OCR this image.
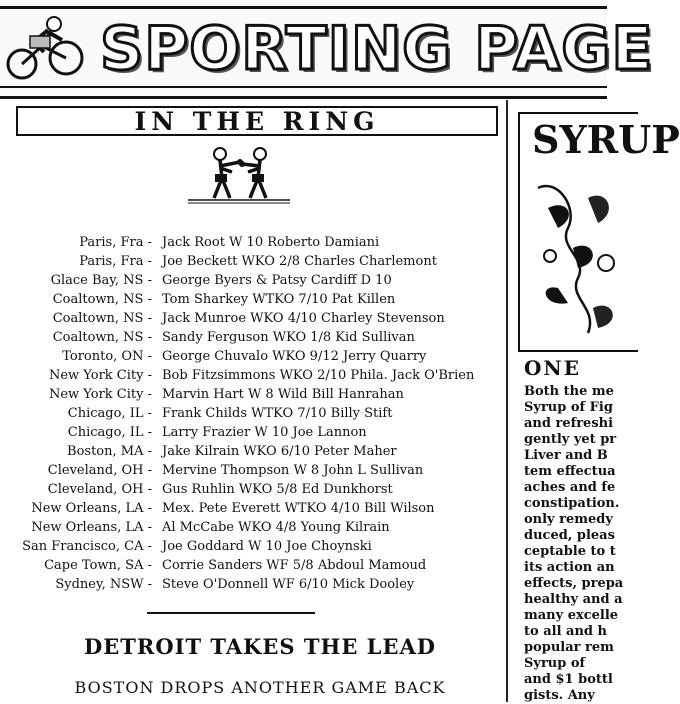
SPORTING PAGE
IN THE RING
Paris, Fra - Jack Root W 10 Roberto Damiani
Paris, Fra - Joe Beckett WKO 2/8 Charles Charlemont
Glace Bay, NS - George Byers & Patsy Cardiff D 10
Coaltown, NS - Tom Sharkey WTKO 7/10 Pat Killen
Coaltown, NS - Jack Munroe WKO 4/10 Charley Stevenson
Coaltown, NS - Sandy Ferguson WKO 1/8 Kid Sullivan
Toronto, ON - George Chuvalo WKO 9/12 Jerry Quarry
New York City - Bob Fitzsimmons WKO 2/10 Phila. Jack O'Brien
New York City - Marvin Hart W 8 Wild Bill Hanrahan
Chicago, IL - Frank Childs WTKO 7/10 Billy Stift
Chicago, IL - Larry Frazier W 10 Joe Lannon
Boston, MA - Jake Kilrain WKO 6/10 Peter Maher
Cleveland, OH - Mervine Thompson W 8 John L Sullivan
Cleveland, OH - Gus Ruhlin WKO 5/8 Ed Dunkhorst
New Orleans, LA - Mex. Pete Everett WTKO 4/10 Bill Wilson
New Orleans, LA - Al McCabe WKO 4/8 Young Kilrain
San Francisco, CA - Joe Goddard W 10 Joe Choynski
Cape Town, SA - Corrie Sanders WF 5/8 Abdoul Mamoud
Sydney, NSW - Steve O'Donnell WF 6/10 Mick Dooley
DETROIT TAKES THE LEAD
BOSTON DROPS ANOTHER GAME BACK
SYRUP
ONE
Both the me
Syrup of Fig
and refreshi
gently yet pr
Liver and B
tem effectua
aches and fe
constipation.
only remedy
duced, pleas
ceptable to t
its action an
effects, prepa
healthy and a
many excelle
to all and h
popular rem
Syrup of
and $1 bottl
gists. Any
